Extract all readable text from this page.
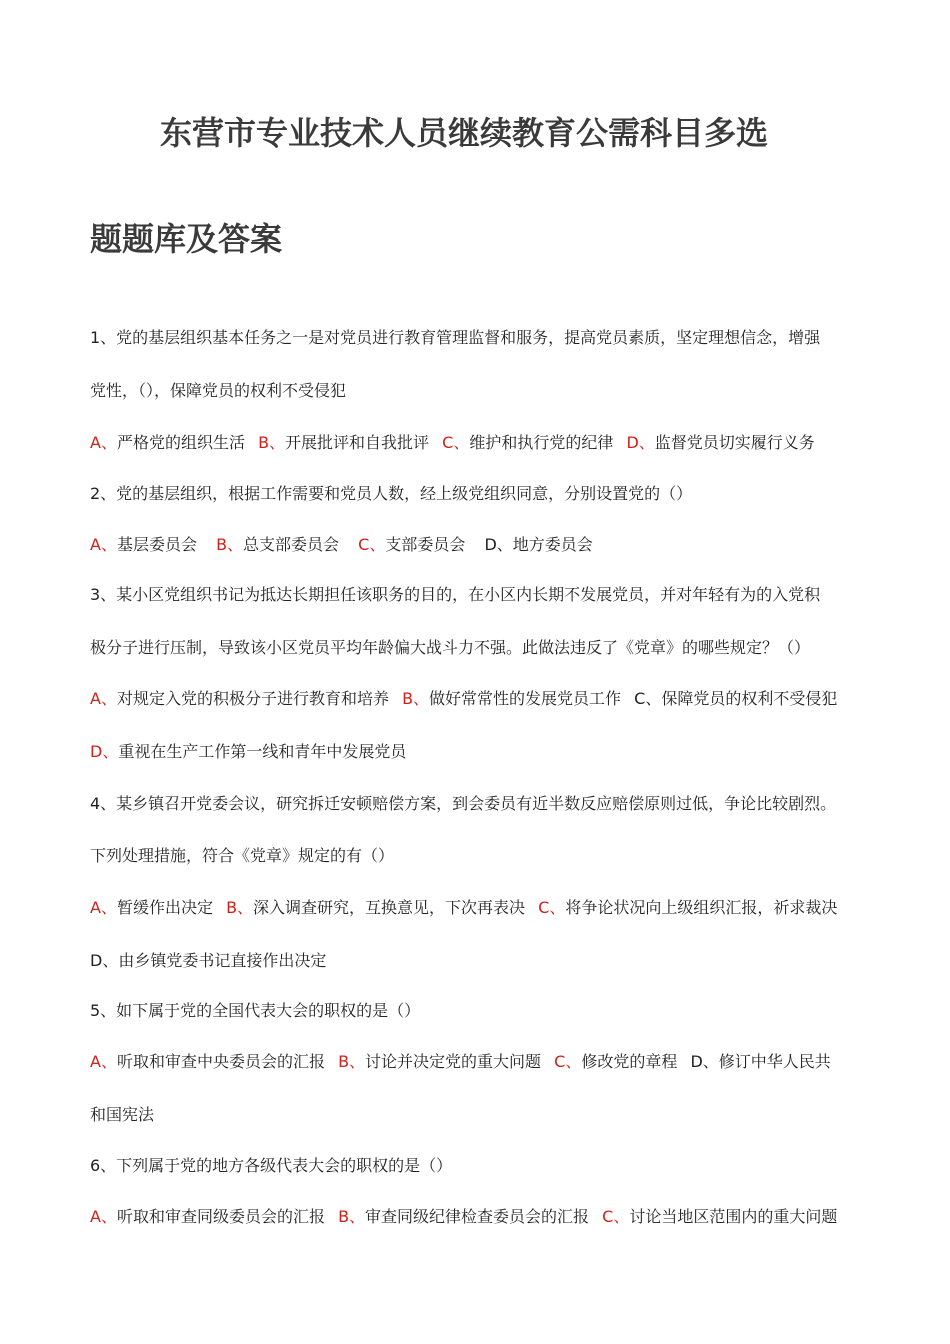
东营市专业技术人员继续教育公需科目多选
题题库及答案
1、党的基层组织基本任务之一是对党员进行教育管理监督和服务，提高党员素质，坚定理想信念，增强
党性，（），保障党员的权利不受侵犯
A、严格党的组织生活 B、开展批评和自我批评 C、维护和执行党的纪律 D、监督党员切实履行义务
2、党的基层组织，根据工作需要和党员人数，经上级党组织同意，分别设置党的（）
A、基层委员会 B、总支部委员会 C、支部委员会 D、地方委员会
3、某小区党组织书记为抵达长期担任该职务的目的，在小区内长期不发展党员，并对年轻有为的入党积
极分子进行压制，导致该小区党员平均年龄偏大战斗力不强。此做法违反了《党章》的哪些规定？（）
A、对规定入党的积极分子进行教育和培养 B、做好常常性的发展党员工作 C、保障党员的权利不受侵犯
D、重视在生产工作第一线和青年中发展党员
4、某乡镇召开党委会议，研究拆迁安顿赔偿方案，到会委员有近半数反应赔偿原则过低，争论比较剧烈。
下列处理措施，符合《党章》规定的有（）
A、暂缓作出决定 B、深入调查研究，互换意见，下次再表决 C、将争论状况向上级组织汇报，祈求裁决
D、由乡镇党委书记直接作出决定
5、如下属于党的全国代表大会的职权的是（）
A、听取和审查中央委员会的汇报 B、讨论并决定党的重大问题 C、修改党的章程 D、修订中华人民共
和国宪法
6、下列属于党的地方各级代表大会的职权的是（）
A、听取和审查同级委员会的汇报 B、审查同级纪律检查委员会的汇报 C、讨论当地区范围内的重大问题
